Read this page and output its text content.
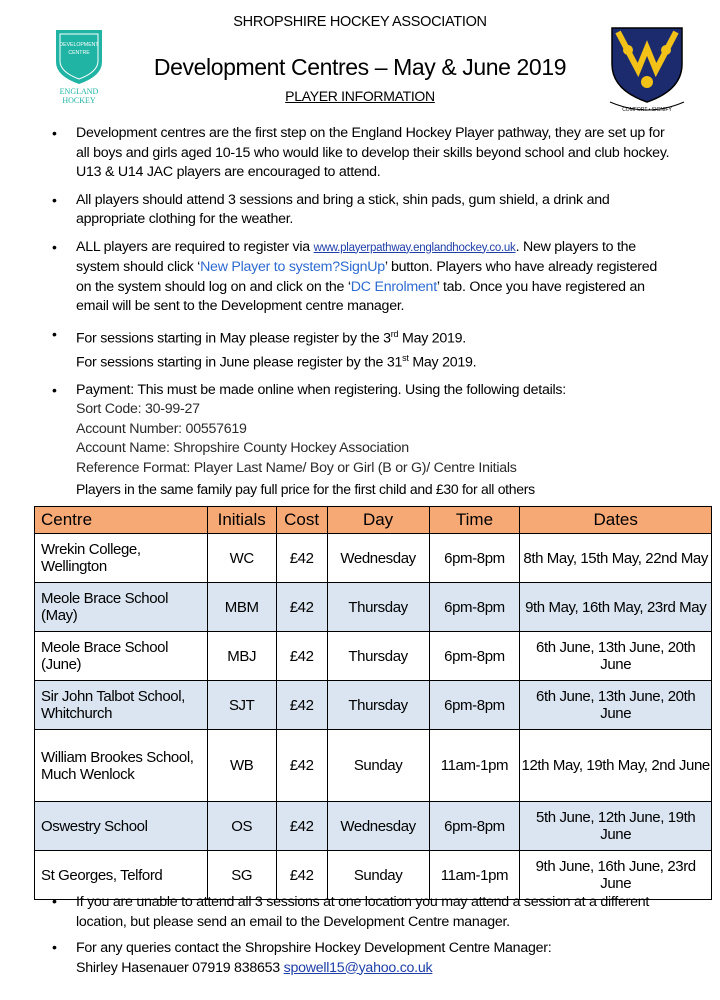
DEVELOPMENT
CENTRE
ENGLAND
HOCKEY
COMFORT • SIGNIFY
SHROPSHIRE HOCKEY ASSOCIATION
Development Centres – May & June 2019
PLAYER INFORMATION
• Development centres are the first step on the England Hockey Player pathway, they are set up for all boys and girls aged 10-15 who would like to develop their skills beyond school and club hockey. U13 & U14 JAC players are encouraged to attend.
• All players should attend 3 sessions and bring a stick, shin pads, gum shield, a drink and appropriate clothing for the weather.
• ALL players are required to register via www.playerpathway.englandhockey.co.uk. New players to the system should click ‘New Player to system?SignUp’ button. Players who have already registered on the system should log on and click on the ‘DC Enrolment’ tab. Once you have registered an email will be sent to the Development centre manager.
• For sessions starting in May please register by the 3rd May 2019.
For sessions starting in June please register by the 31st May 2019.
• Payment: This must be made online when registering. Using the following details:
Sort Code: 30-99-27
Account Number: 00557619
Account Name: Shropshire County Hockey Association
Reference Format: Player Last Name/ Boy or Girl (B or G)/ Centre Initials
Players in the same family pay full price for the first child and £30 for all others
Centre	Initials	Cost	Day	Time	Dates
Wrekin College, Wellington	WC	£42	Wednesday	6pm-8pm	8th May, 15th May, 22nd May
Meole Brace School (May)	MBM	£42	Thursday	6pm-8pm	9th May, 16th May, 23rd May
Meole Brace School (June)	MBJ	£42	Thursday	6pm-8pm	6th June, 13th June, 20th June
Sir John Talbot School, Whitchurch	SJT	£42	Thursday	6pm-8pm	6th June, 13th June, 20th June
William Brookes School, Much Wenlock	WB	£42	Sunday	11am-1pm	12th May, 19th May, 2nd June
Oswestry School	OS	£42	Wednesday	6pm-8pm	5th June, 12th June, 19th June
St Georges, Telford	SG	£42	Sunday	11am-1pm	9th June, 16th June, 23rd June
• If you are unable to attend all 3 sessions at one location you may attend a session at a different location, but please send an email to the Development Centre manager.
• For any queries contact the Shropshire Hockey Development Centre Manager:
Shirley Hasenauer 07919 838653 spowell15@yahoo.co.uk
